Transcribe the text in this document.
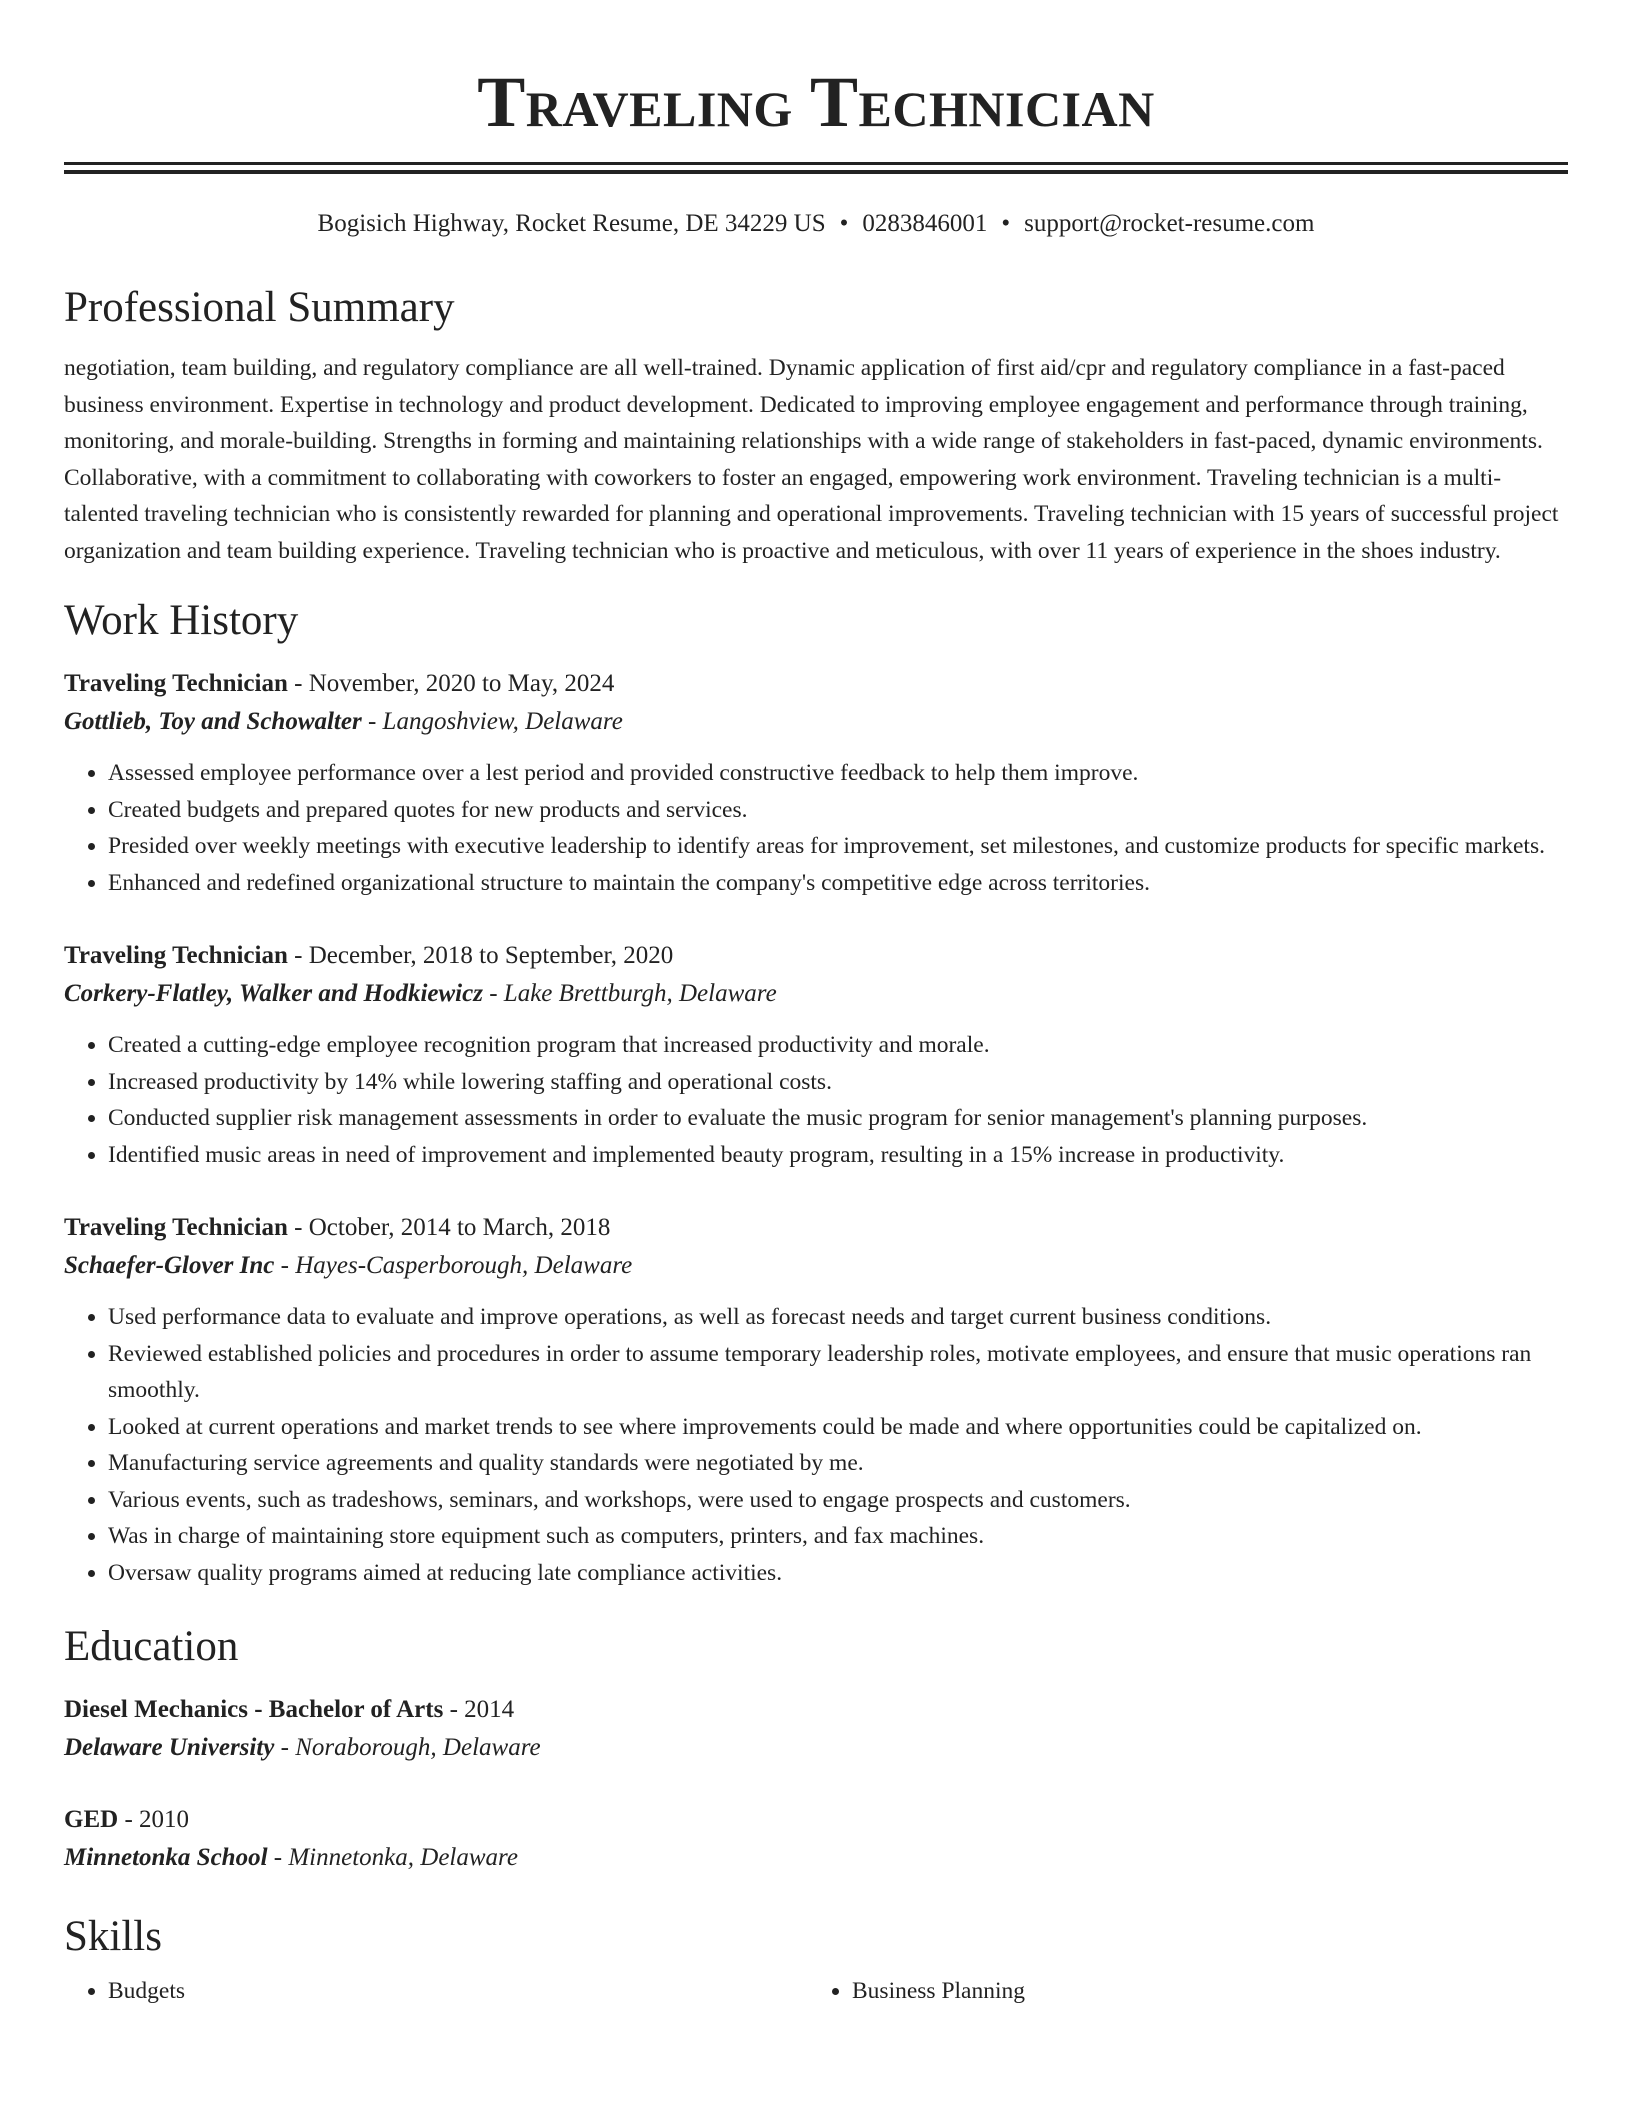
Traveling Technician
Bogisich Highway, Rocket Resume, DE 34229 US • 0283846001 • support@rocket-resume.com
Professional Summary
negotiation, team building, and regulatory compliance are all well-trained. Dynamic application of first aid/cpr and regulatory compliance in a fast-paced business environment. Expertise in technology and product development. Dedicated to improving employee engagement and performance through training, monitoring, and morale-building. Strengths in forming and maintaining relationships with a wide range of stakeholders in fast-paced, dynamic environments. Collaborative, with a commitment to collaborating with coworkers to foster an engaged, empowering work environment. Traveling technician is a multi-talented traveling technician who is consistently rewarded for planning and operational improvements. Traveling technician with 15 years of successful project organization and team building experience. Traveling technician who is proactive and meticulous, with over 11 years of experience in the shoes industry.
Work History
Traveling Technician - November, 2020 to May, 2024
Gottlieb, Toy and Schowalter - Langoshview, Delaware
• Assessed employee performance over a lest period and provided constructive feedback to help them improve.
• Created budgets and prepared quotes for new products and services.
• Presided over weekly meetings with executive leadership to identify areas for improvement, set milestones, and customize products for specific markets.
• Enhanced and redefined organizational structure to maintain the company's competitive edge across territories.
Traveling Technician - December, 2018 to September, 2020
Corkery-Flatley, Walker and Hodkiewicz - Lake Brettburgh, Delaware
• Created a cutting-edge employee recognition program that increased productivity and morale.
• Increased productivity by 14% while lowering staffing and operational costs.
• Conducted supplier risk management assessments in order to evaluate the music program for senior management's planning purposes.
• Identified music areas in need of improvement and implemented beauty program, resulting in a 15% increase in productivity.
Traveling Technician - October, 2014 to March, 2018
Schaefer-Glover Inc - Hayes-Casperborough, Delaware
• Used performance data to evaluate and improve operations, as well as forecast needs and target current business conditions.
• Reviewed established policies and procedures in order to assume temporary leadership roles, motivate employees, and ensure that music operations ran smoothly.
• Looked at current operations and market trends to see where improvements could be made and where opportunities could be capitalized on.
• Manufacturing service agreements and quality standards were negotiated by me.
• Various events, such as tradeshows, seminars, and workshops, were used to engage prospects and customers.
• Was in charge of maintaining store equipment such as computers, printers, and fax machines.
• Oversaw quality programs aimed at reducing late compliance activities.
Education
Diesel Mechanics - Bachelor of Arts - 2014
Delaware University - Noraborough, Delaware
GED - 2010
Minnetonka School - Minnetonka, Delaware
Skills
• Budgets
•	Business Planning
